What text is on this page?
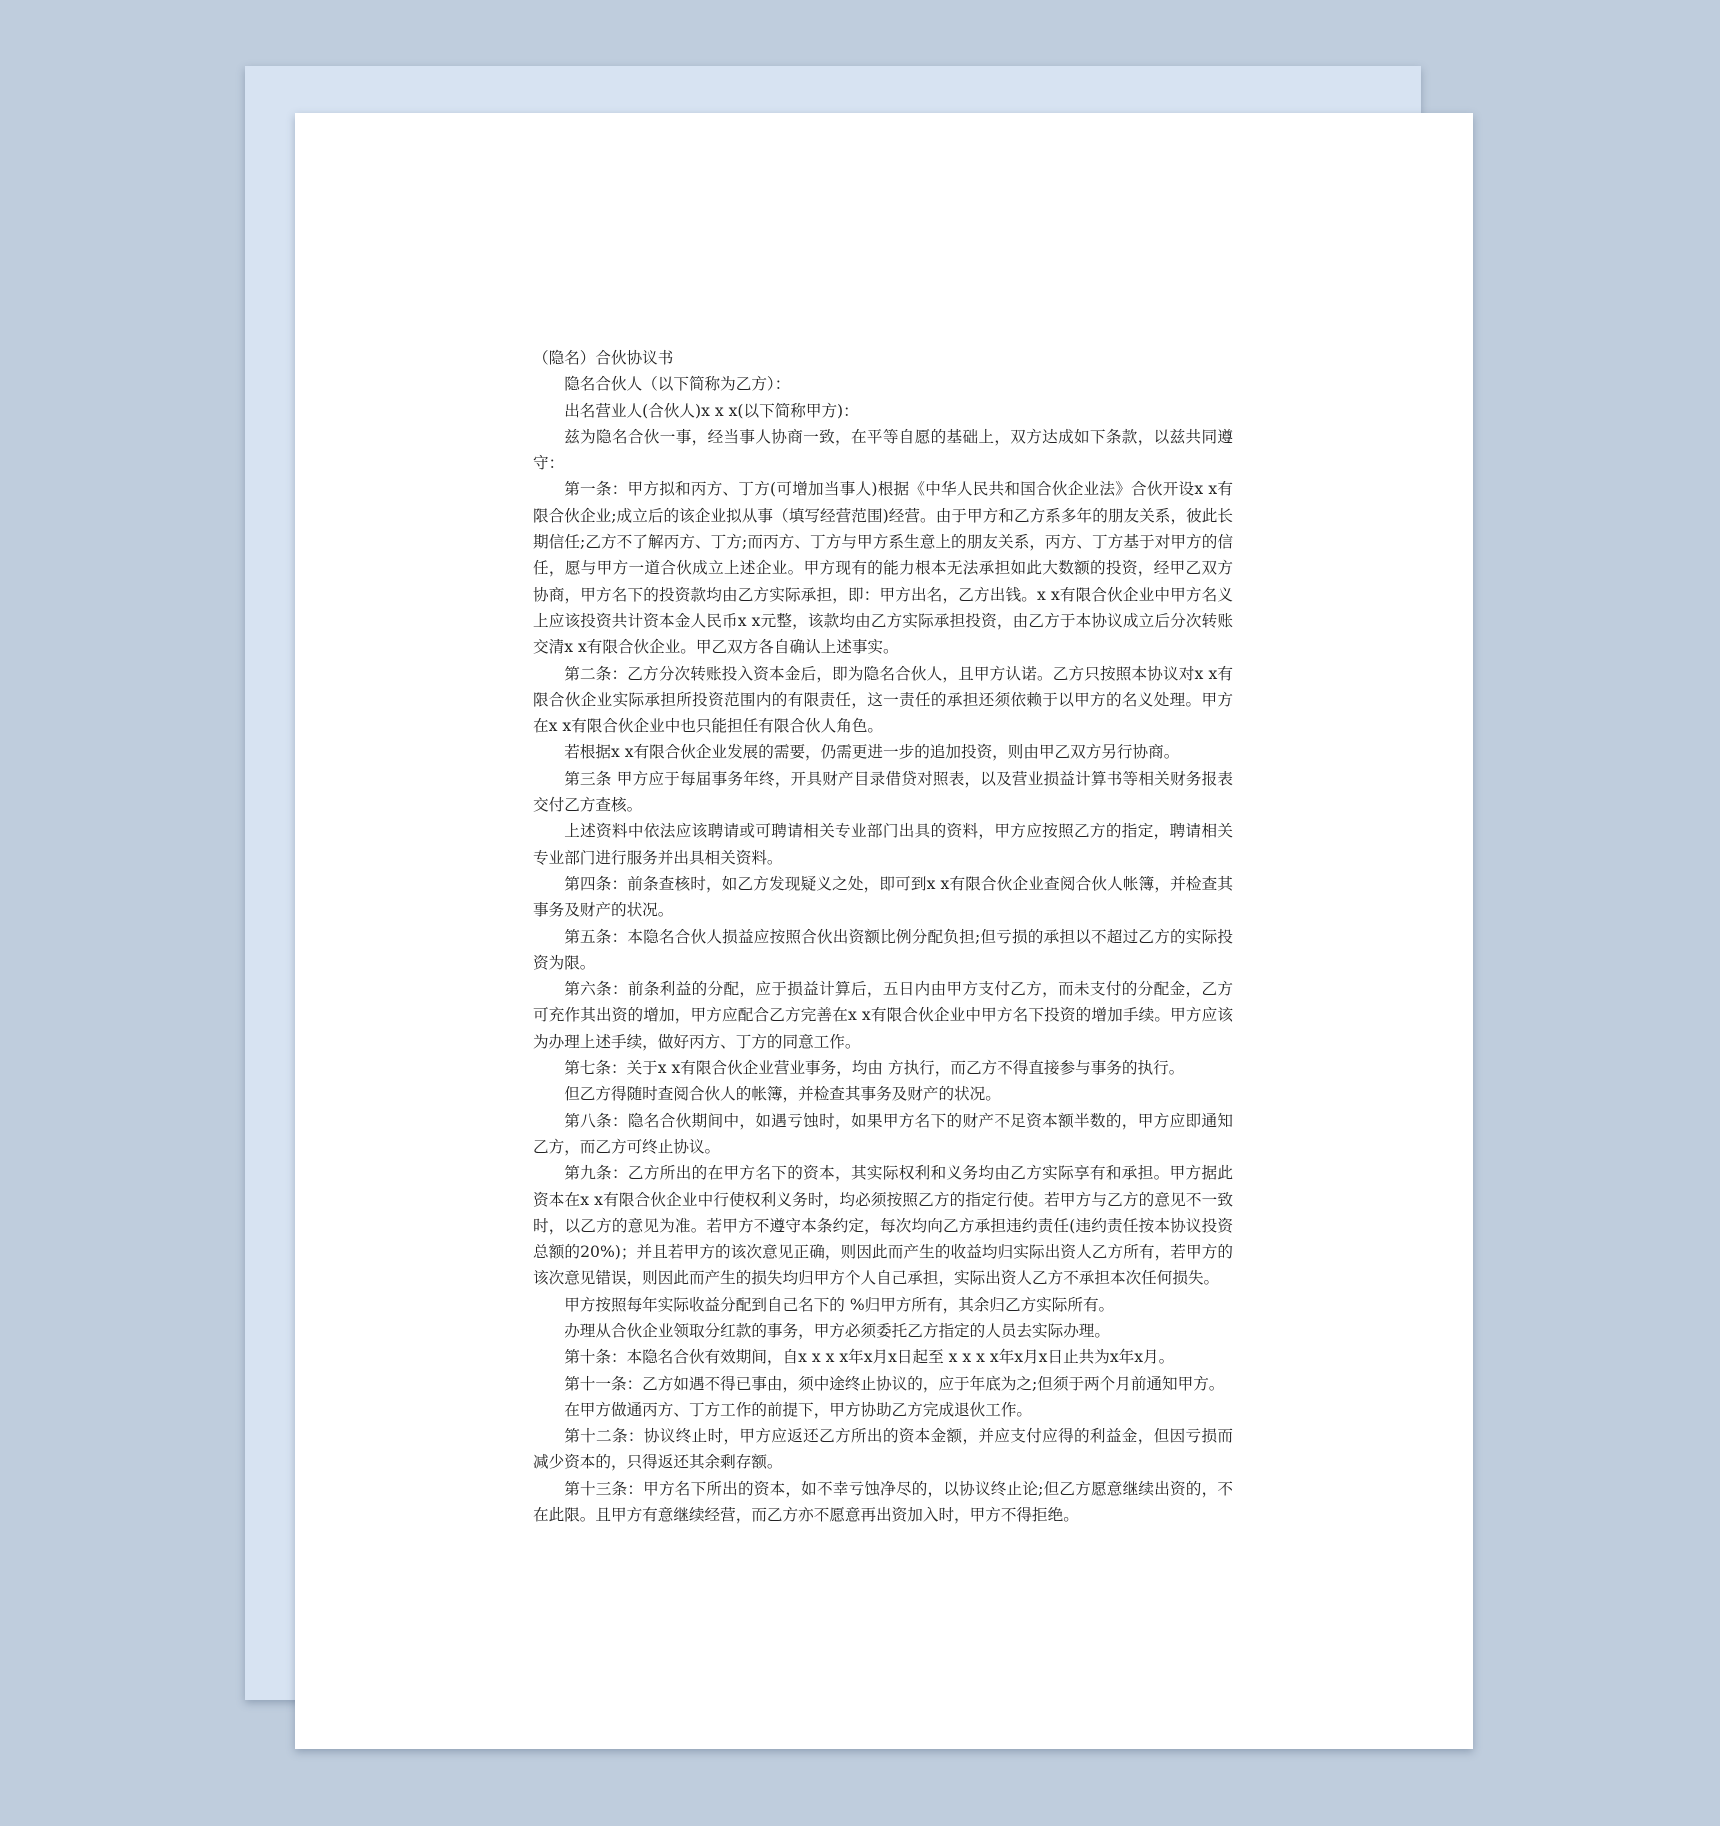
（隐名）合伙协议书

隐名合伙人（以下简称为乙方）：

出名营业人(合伙人)x x x(以下简称甲方)：

兹为隐名合伙一事，经当事人协商一致，在平等自愿的基础上，双方达成如下条款，以兹共同遵守：

第一条：甲方拟和丙方、丁方(可增加当事人)根据《中华人民共和国合伙企业法》合伙开设x x有限合伙企业;成立后的该企业拟从事（填写经营范围)经营。由于甲方和乙方系多年的朋友关系，彼此长期信任;乙方不了解丙方、丁方;而丙方、丁方与甲方系生意上的朋友关系，丙方、丁方基于对甲方的信任，愿与甲方一道合伙成立上述企业。甲方现有的能力根本无法承担如此大数额的投资，经甲乙双方协商，甲方名下的投资款均由乙方实际承担，即：甲方出名，乙方出钱。x x有限合伙企业中甲方名义上应该投资共计资本金人民币x x元整，该款均由乙方实际承担投资，由乙方于本协议成立后分次转账交清x x有限合伙企业。甲乙双方各自确认上述事实。

第二条：乙方分次转账投入资本金后，即为隐名合伙人，且甲方认诺。乙方只按照本协议对x x有限合伙企业实际承担所投资范围内的有限责任，这一责任的承担还须依赖于以甲方的名义处理。甲方在x x有限合伙企业中也只能担任有限合伙人角色。

若根据x x有限合伙企业发展的需要，仍需更进一步的追加投资，则由甲乙双方另行协商。

第三条 甲方应于每届事务年终，开具财产目录借贷对照表，以及营业损益计算书等相关财务报表交付乙方查核。

上述资料中依法应该聘请或可聘请相关专业部门出具的资料，甲方应按照乙方的指定，聘请相关专业部门进行服务并出具相关资料。

第四条：前条查核时，如乙方发现疑义之处，即可到x x有限合伙企业查阅合伙人帐簿，并检查其事务及财产的状况。

第五条：本隐名合伙人损益应按照合伙出资额比例分配负担;但亏损的承担以不超过乙方的实际投资为限。

第六条：前条利益的分配，应于损益计算后，五日内由甲方支付乙方，而未支付的分配金，乙方可充作其出资的增加，甲方应配合乙方完善在x x有限合伙企业中甲方名下投资的增加手续。甲方应该为办理上述手续，做好丙方、丁方的同意工作。

第七条：关于x x有限合伙企业营业事务，均由 方执行，而乙方不得直接参与事务的执行。

但乙方得随时查阅合伙人的帐簿，并检查其事务及财产的状况。

第八条：隐名合伙期间中，如遇亏蚀时，如果甲方名下的财产不足资本额半数的，甲方应即通知乙方，而乙方可终止协议。

第九条：乙方所出的在甲方名下的资本，其实际权利和义务均由乙方实际享有和承担。甲方据此资本在x x有限合伙企业中行使权利义务时，均必须按照乙方的指定行使。若甲方与乙方的意见不一致时，以乙方的意见为准。若甲方不遵守本条约定，每次均向乙方承担违约责任(违约责任按本协议投资总额的20%)；并且若甲方的该次意见正确，则因此而产生的收益均归实际出资人乙方所有，若甲方的该次意见错误，则因此而产生的损失均归甲方个人自己承担，实际出资人乙方不承担本次任何损失。

甲方按照每年实际收益分配到自己名下的 %归甲方所有，其余归乙方实际所有。

办理从合伙企业领取分红款的事务，甲方必须委托乙方指定的人员去实际办理。

第十条：本隐名合伙有效期间，自x x x x年x月x日起至 x x x x年x月x日止共为x年x月。

第十一条：乙方如遇不得已事由，须中途终止协议的，应于年底为之;但须于两个月前通知甲方。

在甲方做通丙方、丁方工作的前提下，甲方协助乙方完成退伙工作。

第十二条：协议终止时，甲方应返还乙方所出的资本金额，并应支付应得的利益金，但因亏损而减少资本的，只得返还其余剩存额。

第十三条：甲方名下所出的资本，如不幸亏蚀净尽的，以协议终止论;但乙方愿意继续出资的，不在此限。且甲方有意继续经营，而乙方亦不愿意再出资加入时，甲方不得拒绝。
